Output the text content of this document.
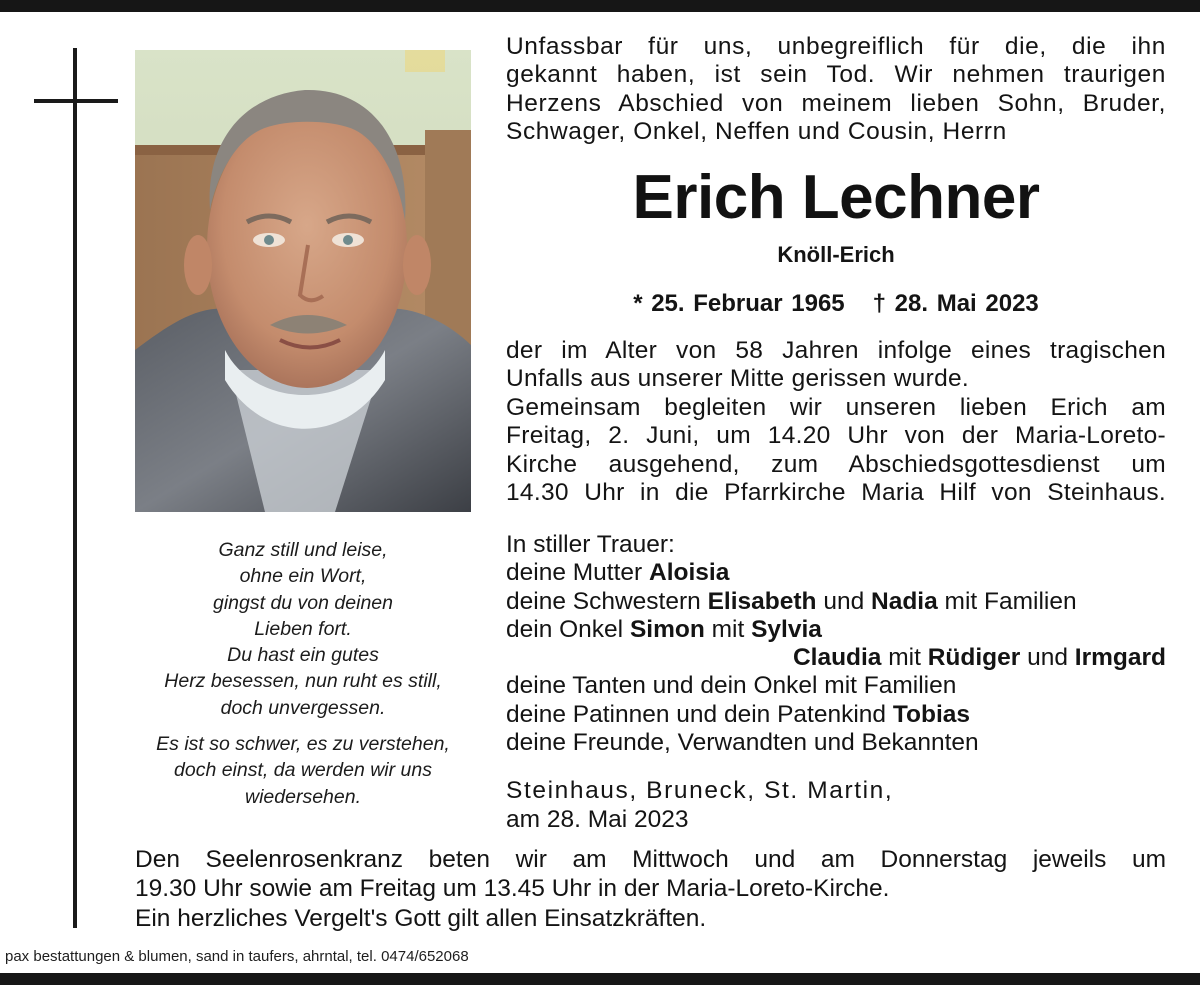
Ganz still und leise,
ohne ein Wort,
gingst du von deinen
Lieben fort.
Du hast ein gutes
Herz besessen, nun ruht es still,
doch unvergessen.
Es ist so schwer, es zu verstehen,
doch einst, da werden wir uns
wiedersehen.
Unfassbar für uns, unbegreiflich für die, die ihn
gekannt haben, ist sein Tod. Wir nehmen traurigen
Herzens Abschied von meinem lieben Sohn, Bruder,
Schwager, Onkel, Neffen und Cousin, Herrn
Erich Lechner
Knöll-Erich
* 25. Februar 1965 † 28. Mai 2023
der im Alter von 58 Jahren infolge eines tragischen
Unfalls aus unserer Mitte gerissen wurde.
Gemeinsam begleiten wir unseren lieben Erich am
Freitag, 2. Juni, um 14.20 Uhr von der Maria-Loreto-
Kirche ausgehend, zum Abschiedsgottesdienst um
14.30 Uhr in die Pfarrkirche Maria Hilf von Steinhaus.
In stiller Trauer:
deine Mutter Aloisia
deine Schwestern Elisabeth und Nadia mit Familien
dein Onkel Simon mit Sylvia
Claudia mit Rüdiger und Irmgard
deine Tanten und dein Onkel mit Familien
deine Patinnen und dein Patenkind Tobias
deine Freunde, Verwandten und Bekannten
Steinhaus, Bruneck, St. Martin,
am 28. Mai 2023
Den Seelenrosenkranz beten wir am Mittwoch und am Donnerstag jeweils um
19.30 Uhr sowie am Freitag um 13.45 Uhr in der Maria-Loreto-Kirche.
Ein herzliches Vergelt's Gott gilt allen Einsatzkräften.
pax bestattungen & blumen, sand in taufers, ahrntal, tel. 0474/652068
